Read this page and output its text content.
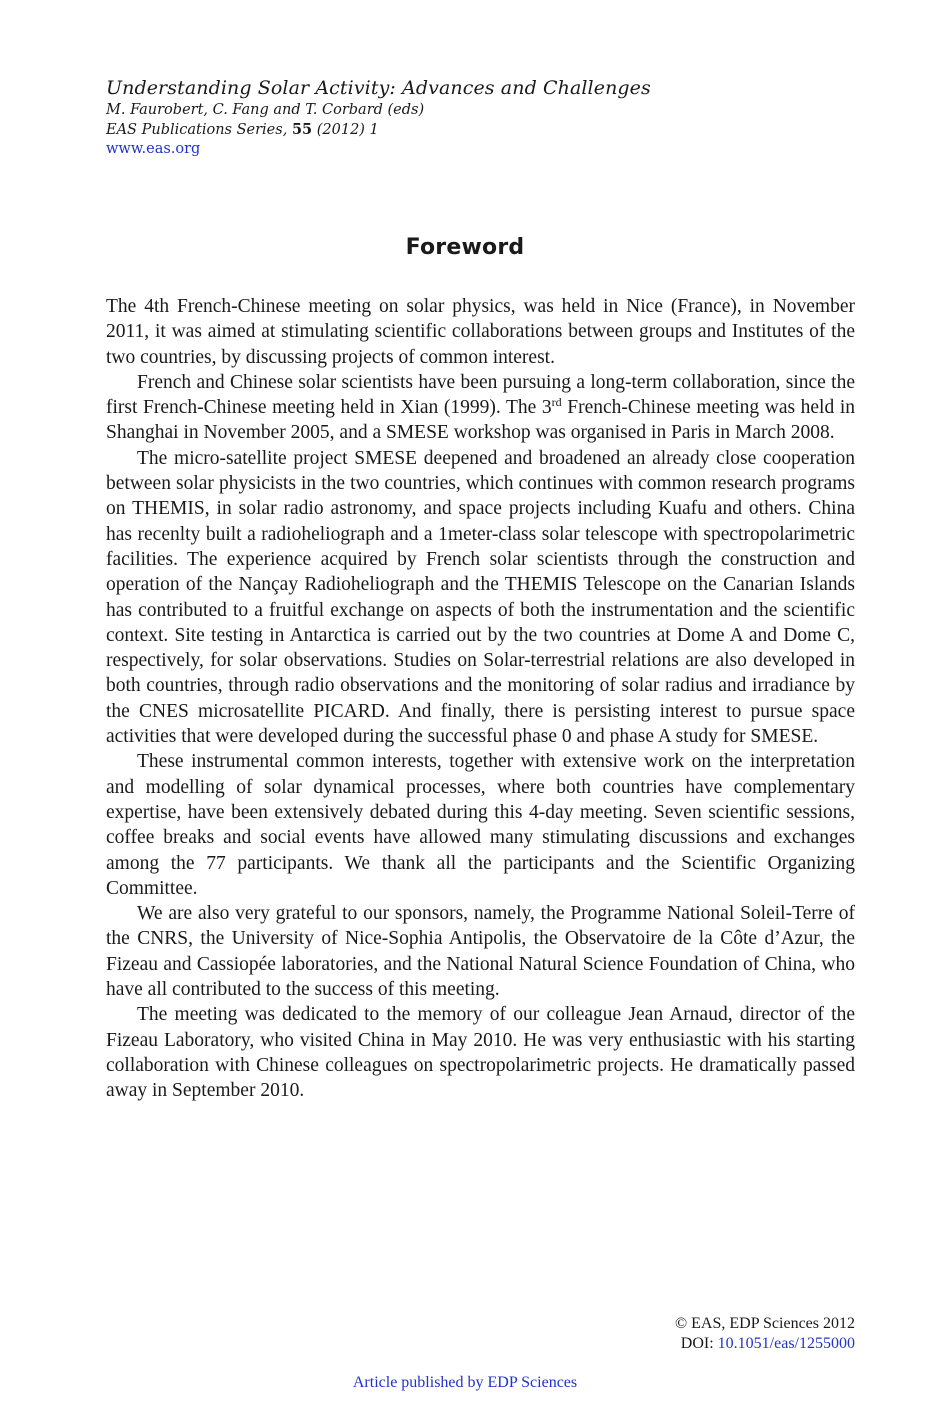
Understanding Solar Activity: Advances and Challenges
M. Faurobert, C. Fang and T. Corbard (eds)
EAS Publications Series, 55 (2012) 1
www.eas.org
Foreword

The 4th French-Chinese meeting on solar physics, was held in Nice (France), in November 2011, it was aimed at stimulating scientific collaborations between groups and Institutes of the two countries, by discussing projects of common interest.

French and Chinese solar scientists have been pursuing a long-term collaboration, since the first French-Chinese meeting held in Xian (1999). The 3rd French-Chinese meeting was held in Shanghai in November 2005, and a SMESE workshop was organised in Paris in March 2008.

The micro-satellite project SMESE deepened and broadened an already close cooperation between solar physicists in the two countries, which continues with common research programs on THEMIS, in solar radio astronomy, and space projects including Kuafu and others. China has recenlty built a radioheliograph and a 1meter-class solar telescope with spectropolarimetric facilities. The experience acquired by French solar scientists through the construction and operation of the Nançay Radioheliograph and the THEMIS Telescope on the Canarian Islands has contributed to a fruitful exchange on aspects of both the instrumentation and the scientific context. Site testing in Antarctica is carried out by the two countries at Dome A and Dome C, respectively, for solar observations. Studies on Solar-terrestrial relations are also developed in both countries, through radio observations and the monitoring of solar radius and irradiance by the CNES microsatellite PICARD. And finally, there is persisting interest to pursue space activities that were developed during the successful phase 0 and phase A study for SMESE.

These instrumental common interests, together with extensive work on the interpretation and modelling of solar dynamical processes, where both countries have complementary expertise, have been extensively debated during this 4-day meeting. Seven scientific sessions, coffee breaks and social events have allowed many stimulating discussions and exchanges among the 77 participants. We thank all the participants and the Scientific Organizing Committee.

We are also very grateful to our sponsors, namely, the Programme National Soleil-Terre of the CNRS, the University of Nice-Sophia Antipolis, the Observatoire de la Côte d’Azur, the Fizeau and Cassiopée laboratories, and the National Natural Science Foundation of China, who have all contributed to the success of this meeting.

The meeting was dedicated to the memory of our colleague Jean Arnaud, director of the Fizeau Laboratory, who visited China in May 2010. He was very enthusiastic with his starting collaboration with Chinese colleagues on spectropolarimetric projects. He dramatically passed away in September 2010.

© EAS, EDP Sciences 2012
DOI: 10.1051/eas/1255000
Article published by EDP Sciences
